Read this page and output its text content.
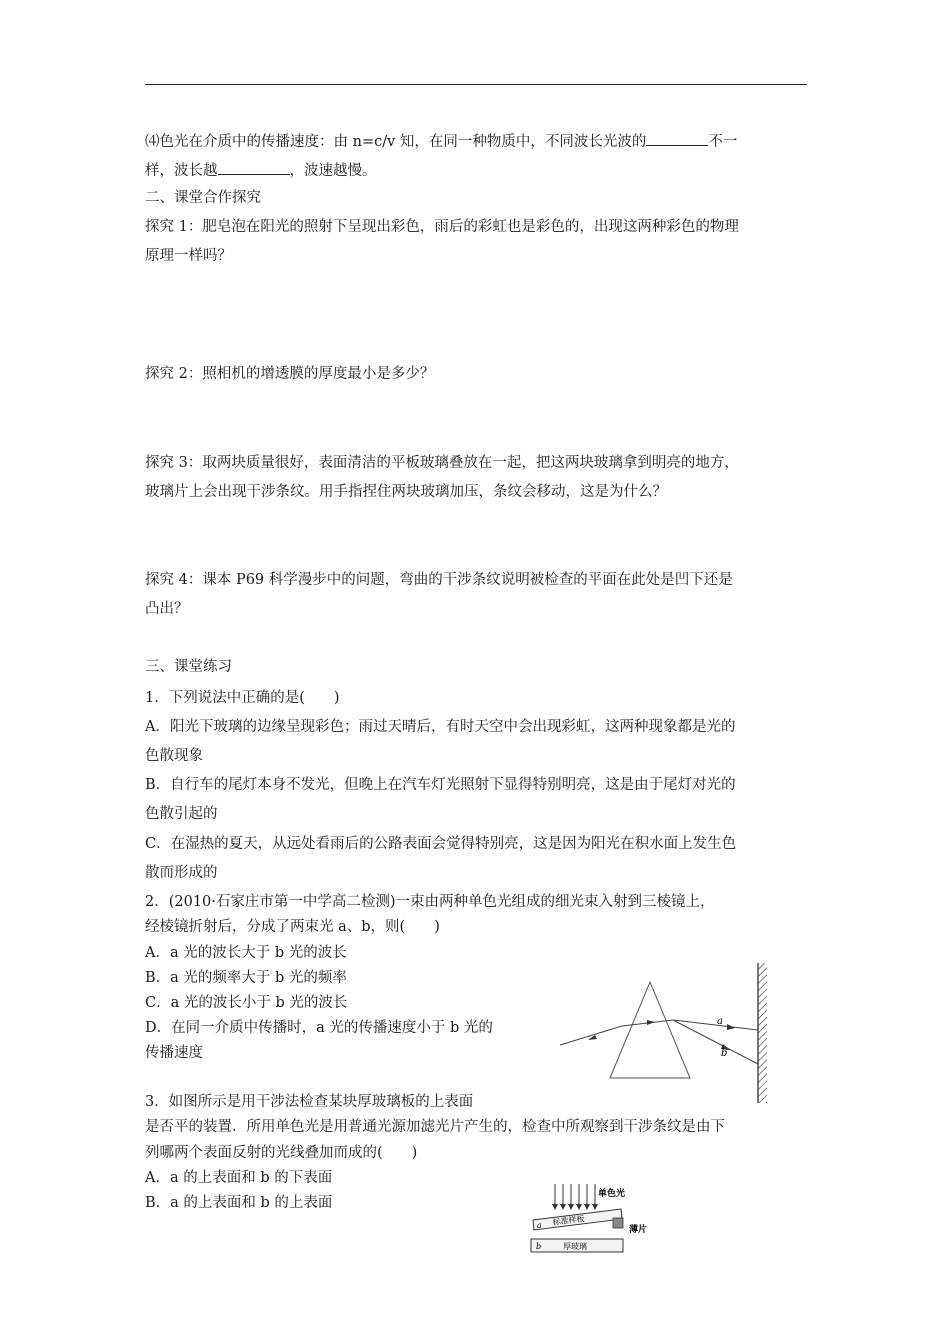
⑷色光在介质中的传播速度：由 n=c/v 知，在同一种物质中，不同波长光波的	不一
样，波长越	，波速越慢。
二、课堂合作探究
探究 1：肥皂泡在阳光的照射下呈现出彩色，雨后的彩虹也是彩色的，出现这两种彩色的物理
原理一样吗？
探究 2：照相机的增透膜的厚度最小是多少？
探究 3：取两块质量很好，表面清洁的平板玻璃叠放在一起，把这两块玻璃拿到明亮的地方，
玻璃片上会出现干涉条纹。用手指捏住两块玻璃加压，条纹会移动，这是为什么？
探究 4：课本 P69 科学漫步中的问题，弯曲的干涉条纹说明被检查的平面在此处是凹下还是
凸出？
三、课堂练习
1．下列说法中正确的是(　　)
A．阳光下玻璃的边缘呈现彩色；雨过天晴后，有时天空中会出现彩虹，这两种现象都是光的
色散现象
B．自行车的尾灯本身不发光，但晚上在汽车灯光照射下显得特别明亮，这是由于尾灯对光的
色散引起的
C．在湿热的夏天，从远处看雨后的公路表面会觉得特别亮，这是因为阳光在积水面上发生色
散而形成的
2．(2010·石家庄市第一中学高二检测)一束由两种单色光组成的细光束入射到三棱镜上，
经棱镜折射后，分成了两束光 a、b，则(　　)
A．a 光的波长大于 b 光的波长
B．a 光的频率大于 b 光的频率
C．a 光的波长小于 b 光的波长
D．在同一介质中传播时，a 光的传播速度小于 b 光的
传播速度
3．如图所示是用干涉法检查某块厚玻璃板的上表面
是否平的装置．所用单色光是用普通光源加滤光片产生的，检查中所观察到干涉条纹是由下
列哪两个表面反射的光线叠加而成的(　　)
A．a 的上表面和 b 的下表面
B．a 的上表面和 b 的上表面
a
b
单色光
a 标准样板
薄片
b	厚玻璃
